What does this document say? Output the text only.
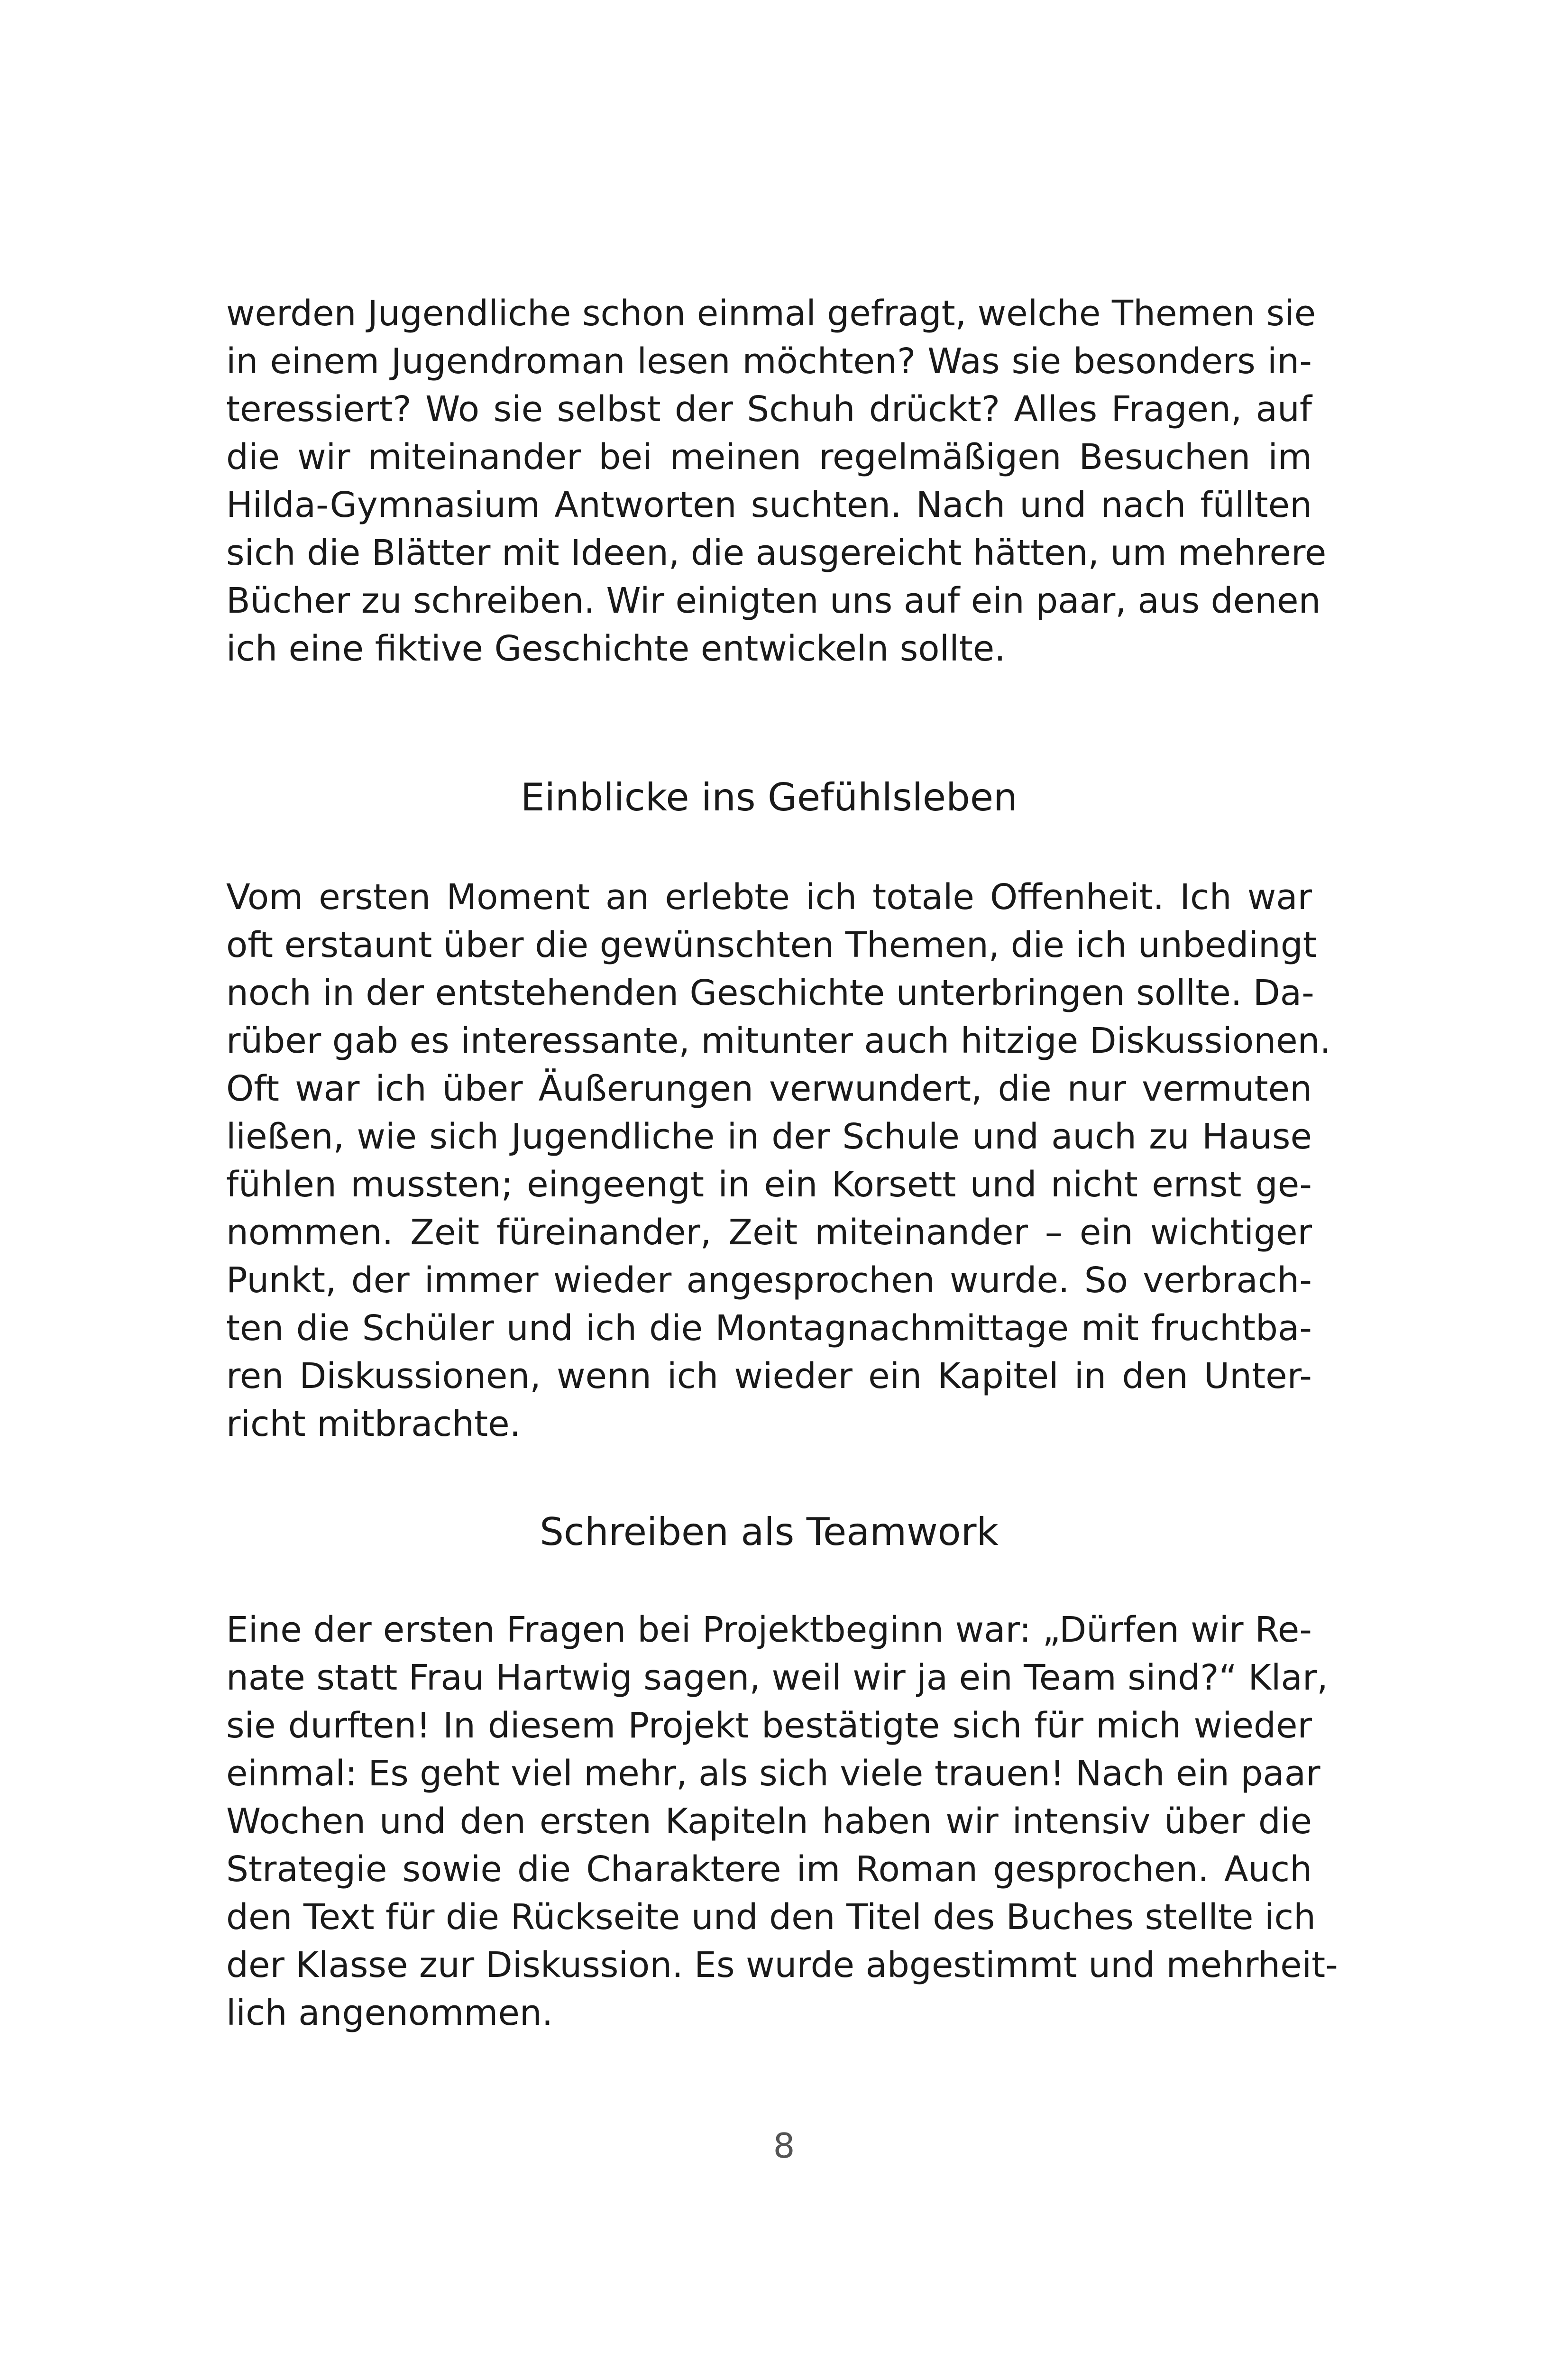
werden Jugendliche schon einmal gefragt, welche Themen sie
in einem Jugendroman lesen möchten? Was sie besonders in-
teressiert? Wo sie selbst der Schuh drückt? Alles Fragen, auf
die wir miteinander bei meinen regelmäßigen Besuchen im
Hilda-Gymnasium Antworten suchten. Nach und nach füllten
sich die Blätter mit Ideen, die ausgereicht hätten, um mehrere
Bücher zu schreiben. Wir einigten uns auf ein paar, aus denen
ich eine fiktive Geschichte entwickeln sollte.
Einblicke ins Gefühlsleben
Vom ersten Moment an erlebte ich totale Offenheit. Ich war
oft erstaunt über die gewünschten Themen, die ich unbedingt
noch in der entstehenden Geschichte unterbringen sollte. Da-
rüber gab es interessante, mitunter auch hitzige Diskussionen.
Oft war ich über Äußerungen verwundert, die nur vermuten
ließen, wie sich Jugendliche in der Schule und auch zu Hause
fühlen mussten; eingeengt in ein Korsett und nicht ernst ge-
nommen. Zeit füreinander, Zeit miteinander – ein wichtiger
Punkt, der immer wieder angesprochen wurde. So verbrach-
ten die Schüler und ich die Montagnachmittage mit fruchtba-
ren Diskussionen, wenn ich wieder ein Kapitel in den Unter-
richt mitbrachte.
Schreiben als Teamwork
Eine der ersten Fragen bei Projektbeginn war: „Dürfen wir Re-
nate statt Frau Hartwig sagen, weil wir ja ein Team sind?“ Klar,
sie durften! In diesem Projekt bestätigte sich für mich wieder
einmal: Es geht viel mehr, als sich viele trauen! Nach ein paar
Wochen und den ersten Kapiteln haben wir intensiv über die
Strategie sowie die Charaktere im Roman gesprochen. Auch
den Text für die Rückseite und den Titel des Buches stellte ich
der Klasse zur Diskussion. Es wurde abgestimmt und mehrheit-
lich angenommen.
8
